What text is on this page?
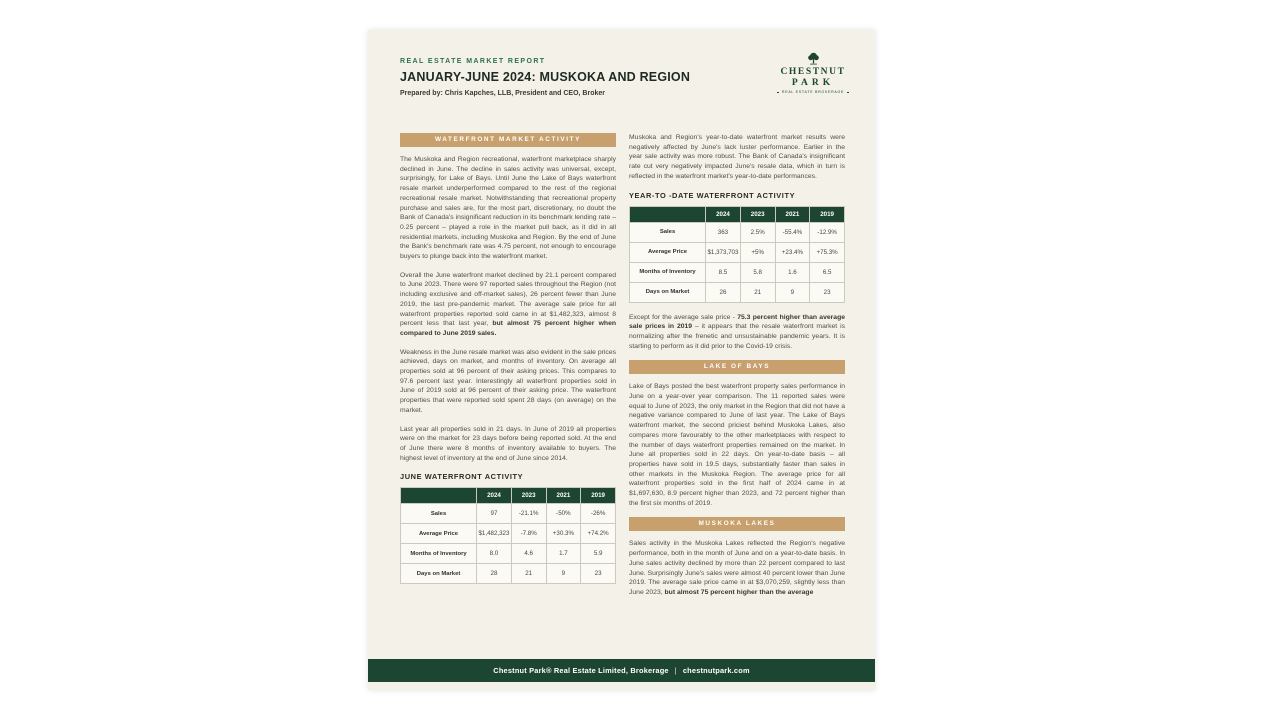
REAL ESTATE MARKET REPORT
JANUARY-JUNE 2024: MUSKOKA AND REGION
Prepared by: Chris Kapches, LLB, President and CEO, Broker
CHESTNUT
PARK
REAL ESTATE BROKERAGE
WATERFRONT MARKET ACTIVITY

The Muskoka and Region recreational, waterfront marketplace sharply declined in June. The decline in sales activity was universal, except, surprisingly, for Lake of Bays. Until June the Lake of Bays waterfront resale market underperformed compared to the rest of the regional recreational resale market. Notwithstanding that recreational property purchase and sales are, for the most part, discretionary, no doubt the Bank of Canada's insignificant reduction in its benchmark lending rate – 0.25 percent – played a role in the market pull back, as it did in all residential markets, including Muskoka and Region. By the end of June the Bank's benchmark rate was 4.75 percent, not enough to encourage buyers to plunge back into the waterfront market.

Overall the June waterfront market declined by 21.1 percent compared to June 2023. There were 97 reported sales throughout the Region (not including exclusive and off-market sales), 26 percent fewer than June 2019, the last pre-pandemic market. The average sale price for all waterfront properties reported sold came in at $1,482,323, almost 8 percent less that last year, but almost 75 percent higher when compared to June 2019 sales.

Weakness in the June resale market was also evident in the sale prices achieved, days on market, and months of inventory. On average all properties sold at 96 percent of their asking prices. This compares to 97.6 percent last year. Interestingly all waterfront properties sold in June of 2019 sold at 96 percent of their asking price. The waterfront properties that were reported sold spent 28 days (on average) on the market.

Last year all properties sold in 21 days. In June of 2019 all properties were on the market for 23 days before being reported sold. At the end of June there were 8 months of inventory available to buyers. The highest level of inventory at the end of June since 2014.

JUNE WATERFRONT ACTIVITY
	2024	2023	2021	2019
Sales	97	-21.1%	-50%	-26%
Average Price	$1,482,323	-7.8%	+30.3%	+74.2%
Months of Inventory	8.0	4.6	1.7	5.9
Days on Market	28	21	9	23

Muskoka and Region's year-to-date waterfront market results were negatively affected by June's lack luster performance. Earlier in the year sale activity was more robust. The Bank of Canada's insignificant rate cut very negatively impacted June's resale data, which in turn is reflected in the waterfront market's year-to-date performances.

YEAR-TO -DATE WATERFRONT ACTIVITY
	2024	2023	2021	2019
Sales	363	2.5%	-55.4%	-12.9%
Average Price	$1,373,703	+5%	+23.4%	+75.3%
Months of Inventory	8.5	5.8	1.6	6.5
Days on Market	26	21	9	23

Except for the average sale price - 75.3 percent higher than average sale prices in 2019 – it appears that the resale waterfront market is normalizing after the frenetic and unsustainable pandemic years. It is starting to perform as it did prior to the Covid-19 crisis.

LAKE OF BAYS

Lake of Bays posted the best waterfront property sales performance in June on a year-over year comparison. The 11 reported sales were equal to June of 2023, the only market in the Region that did not have a negative variance compared to June of last year. The Lake of Bays waterfront market, the second priciest behind Muskoka Lakes, also compares more favourably to the other marketplaces with respect to the number of days waterfront properties remained on the market. In June all properties sold in 22 days. On year-to-date basis – all properties have sold in 19.5 days, substantially faster than sales in other markets in the Muskoka Region. The average price for all waterfront properties sold in the first half of 2024 came in at $1,697,630, 8.9 percent higher than 2023, and 72 percent higher than the first six months of 2019.

MUSKOKA LAKES

Sales activity in the Muskoka Lakes reflected the Region's negative performance, both in the month of June and on a year-to-date basis. In June sales activity declined by more than 22 percent compared to last June. Surprisingly June's sales were almost 40 percent lower than June 2019. The average sale price came in at $3,070,259, slightly less than June 2023, but almost 75 percent higher than the average

Chestnut Park® Real Estate Limited, Brokerage | chestnutpark.com
